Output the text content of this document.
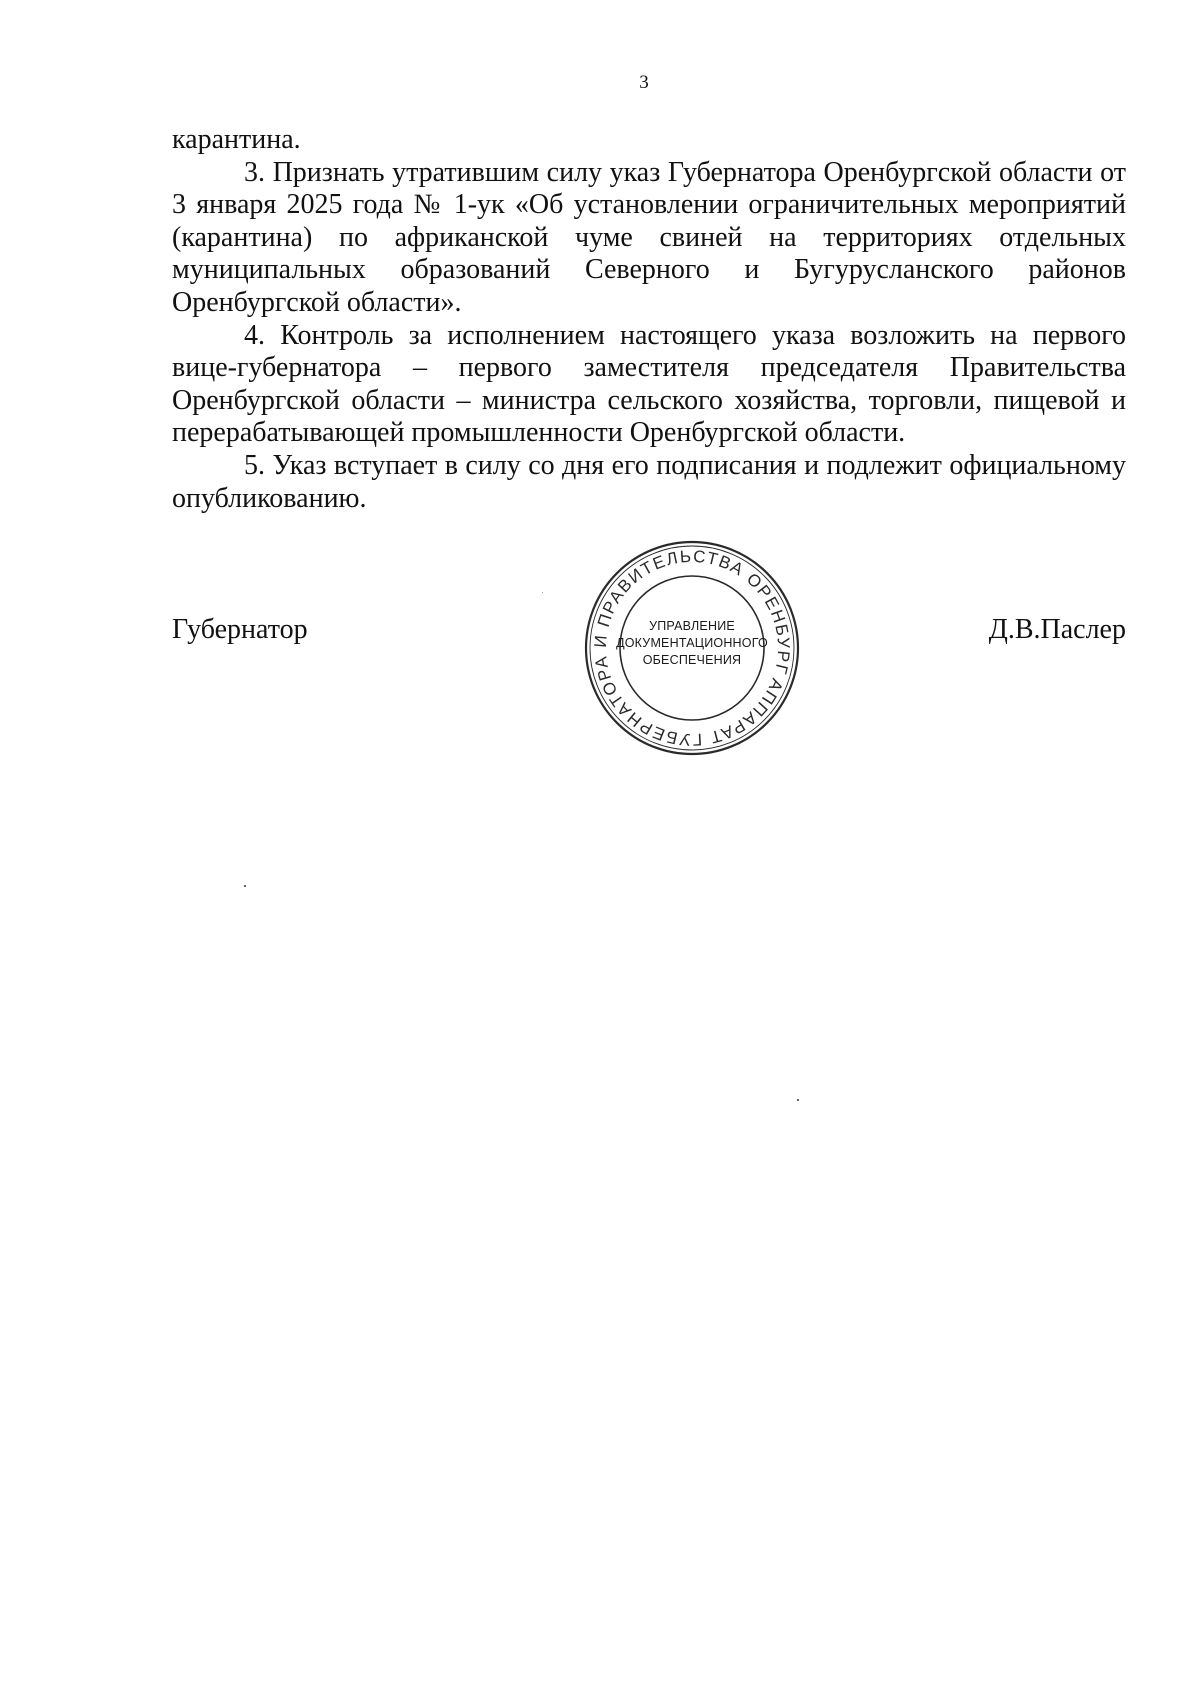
3

карантина.

3. Признать утратившим силу указ Губернатора Оренбургской области от 3 января 2025 года № 1-ук «Об установлении ограничительных мероприятий (карантина) по африканской чуме свиней на территориях отдельных муниципальных образований Северного и Бугурусланского районов Оренбургской области».

4. Контроль за исполнением настоящего указа возложить на первого вице-губернатора – первого заместителя председателя Правительства Оренбургской области – министра сельского хозяйства, торговли, пищевой и перерабатывающей промышленности Оренбургской области.

5. Указ вступает в силу со дня его подписания и подлежит официальному опубликованию.

Губернатор	Д.В.Паслер
АППАРАТ ГУБЕРНАТОРА И ПРАВИТЕЛЬСТВА ОРЕНБУРГСКОЙ
УПРАВЛЕНИЕ
ДОКУМЕНТАЦИОННОГО
ОБЕСПЕЧЕНИЯ
